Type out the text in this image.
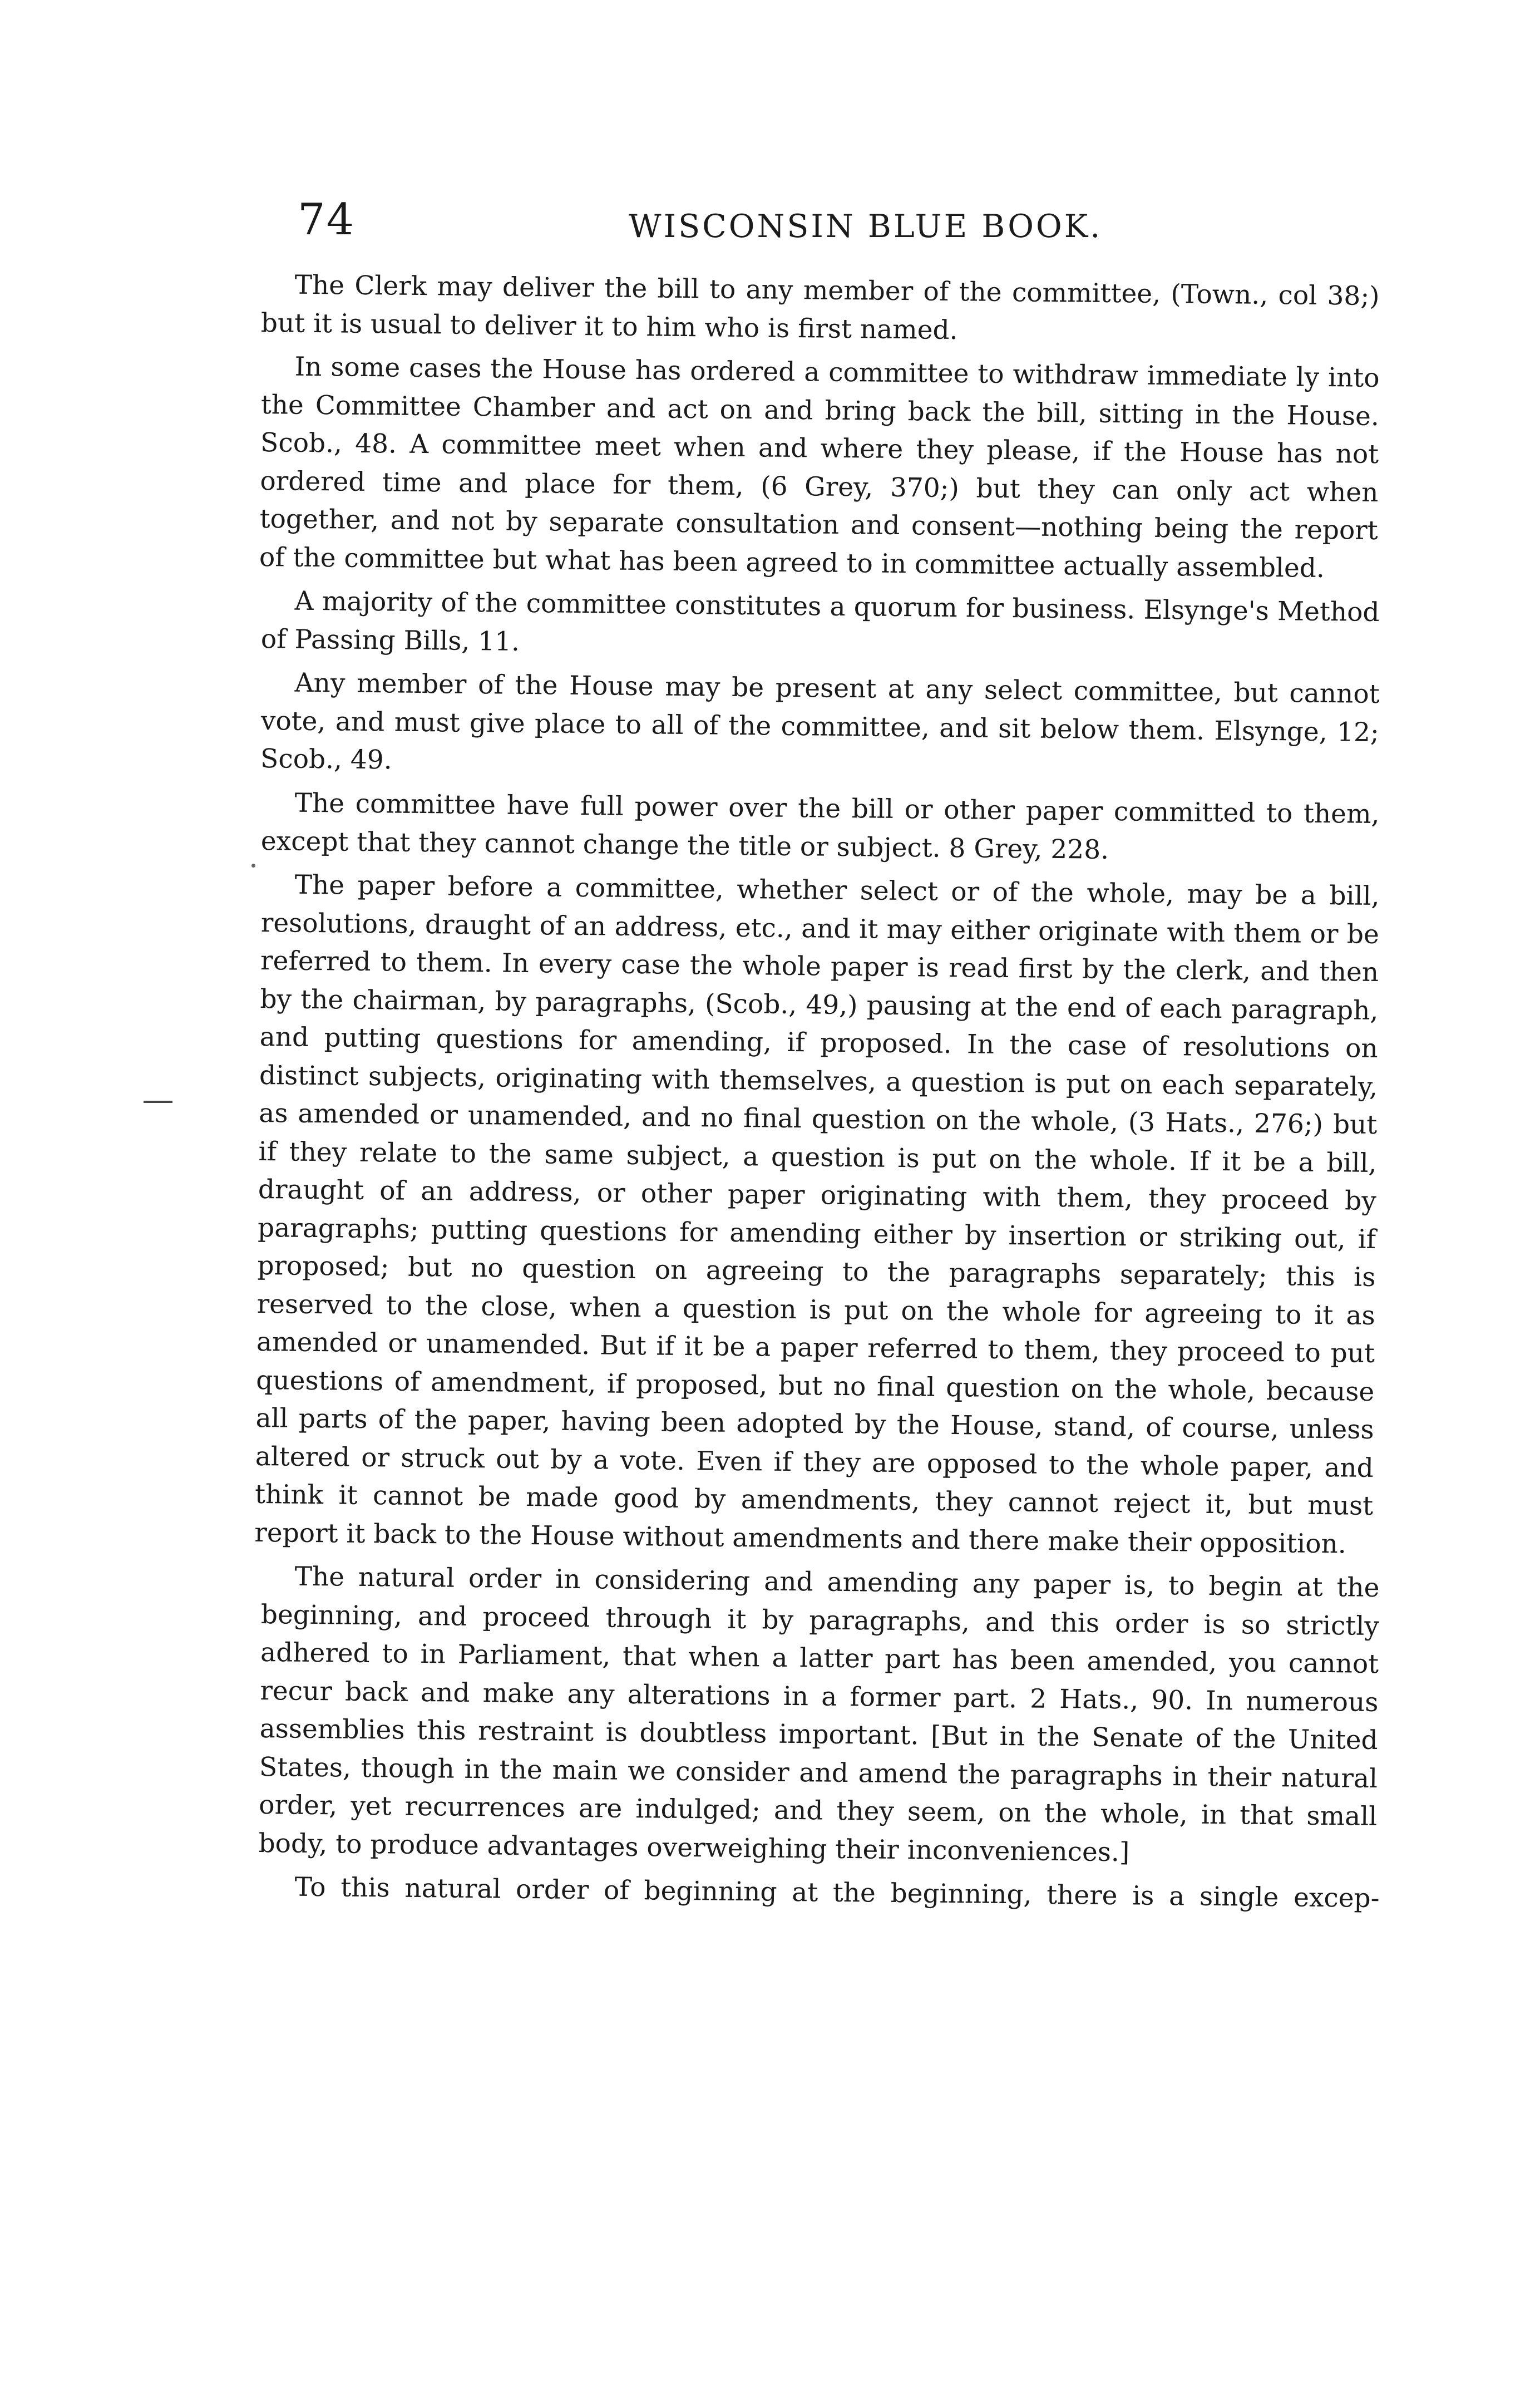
74	WISCONSIN BLUE BOOK.

The Clerk may deliver the bill to any member of the committee, (Town., col 38;) but it is usual to deliver it to him who is first named.

In some cases the House has ordered a committee to withdraw immediate ly into the Committee Chamber and act on and bring back the bill, sitting in the House. Scob., 48. A committee meet when and where they please, if the House has not ordered time and place for them, (6 Grey, 370;) but they can only act when together, and not by separate consultation and consent—nothing being the report of the committee but what has been agreed to in committee actually assembled.

A majority of the committee constitutes a quorum for business. Elsynge's Method of Passing Bills, 11.

Any member of the House may be present at any select committee, but cannot vote, and must give place to all of the committee, and sit below them. Elsynge, 12; Scob., 49.

The committee have full power over the bill or other paper committed to them, except that they cannot change the title or subject. 8 Grey, 228.

The paper before a committee, whether select or of the whole, may be a bill, resolutions, draught of an address, etc., and it may either originate with them or be referred to them. In every case the whole paper is read first by the clerk, and then by the chairman, by paragraphs, (Scob., 49,) pausing at the end of each paragraph, and putting questions for amending, if proposed. In the case of resolutions on distinct subjects, originating with themselves, a question is put on each separately, as amended or unamended, and no final question on the whole, (3 Hats., 276;) but if they relate to the same subject, a question is put on the whole. If it be a bill, draught of an address, or other paper originating with them, they proceed by paragraphs; putting questions for amending either by insertion or striking out, if proposed; but no question on agreeing to the paragraphs separately; this is reserved to the close, when a question is put on the whole for agreeing to it as amended or unamended. But if it be a paper referred to them, they proceed to put questions of amendment, if proposed, but no final question on the whole, because all parts of the paper, having been adopted by the House, stand, of course, unless altered or struck out by a vote. Even if they are opposed to the whole paper, and think it cannot be made good by amendments, they cannot reject it, but must report it back to the House without amendments and there make their opposition.

The natural order in considering and amending any paper is, to begin at the beginning, and proceed through it by paragraphs, and this order is so strictly adhered to in Parliament, that when a latter part has been amended, you cannot recur back and make any alterations in a former part. 2 Hats., 90. In numerous assemblies this restraint is doubtless important. [But in the Senate of the United States, though in the main we consider and amend the paragraphs in their natural order, yet recurrences are indulged; and they seem, on the whole, in that small body, to produce advantages overweighing their inconveniences.]

To this natural order of beginning at the beginning, there is a single excep-
